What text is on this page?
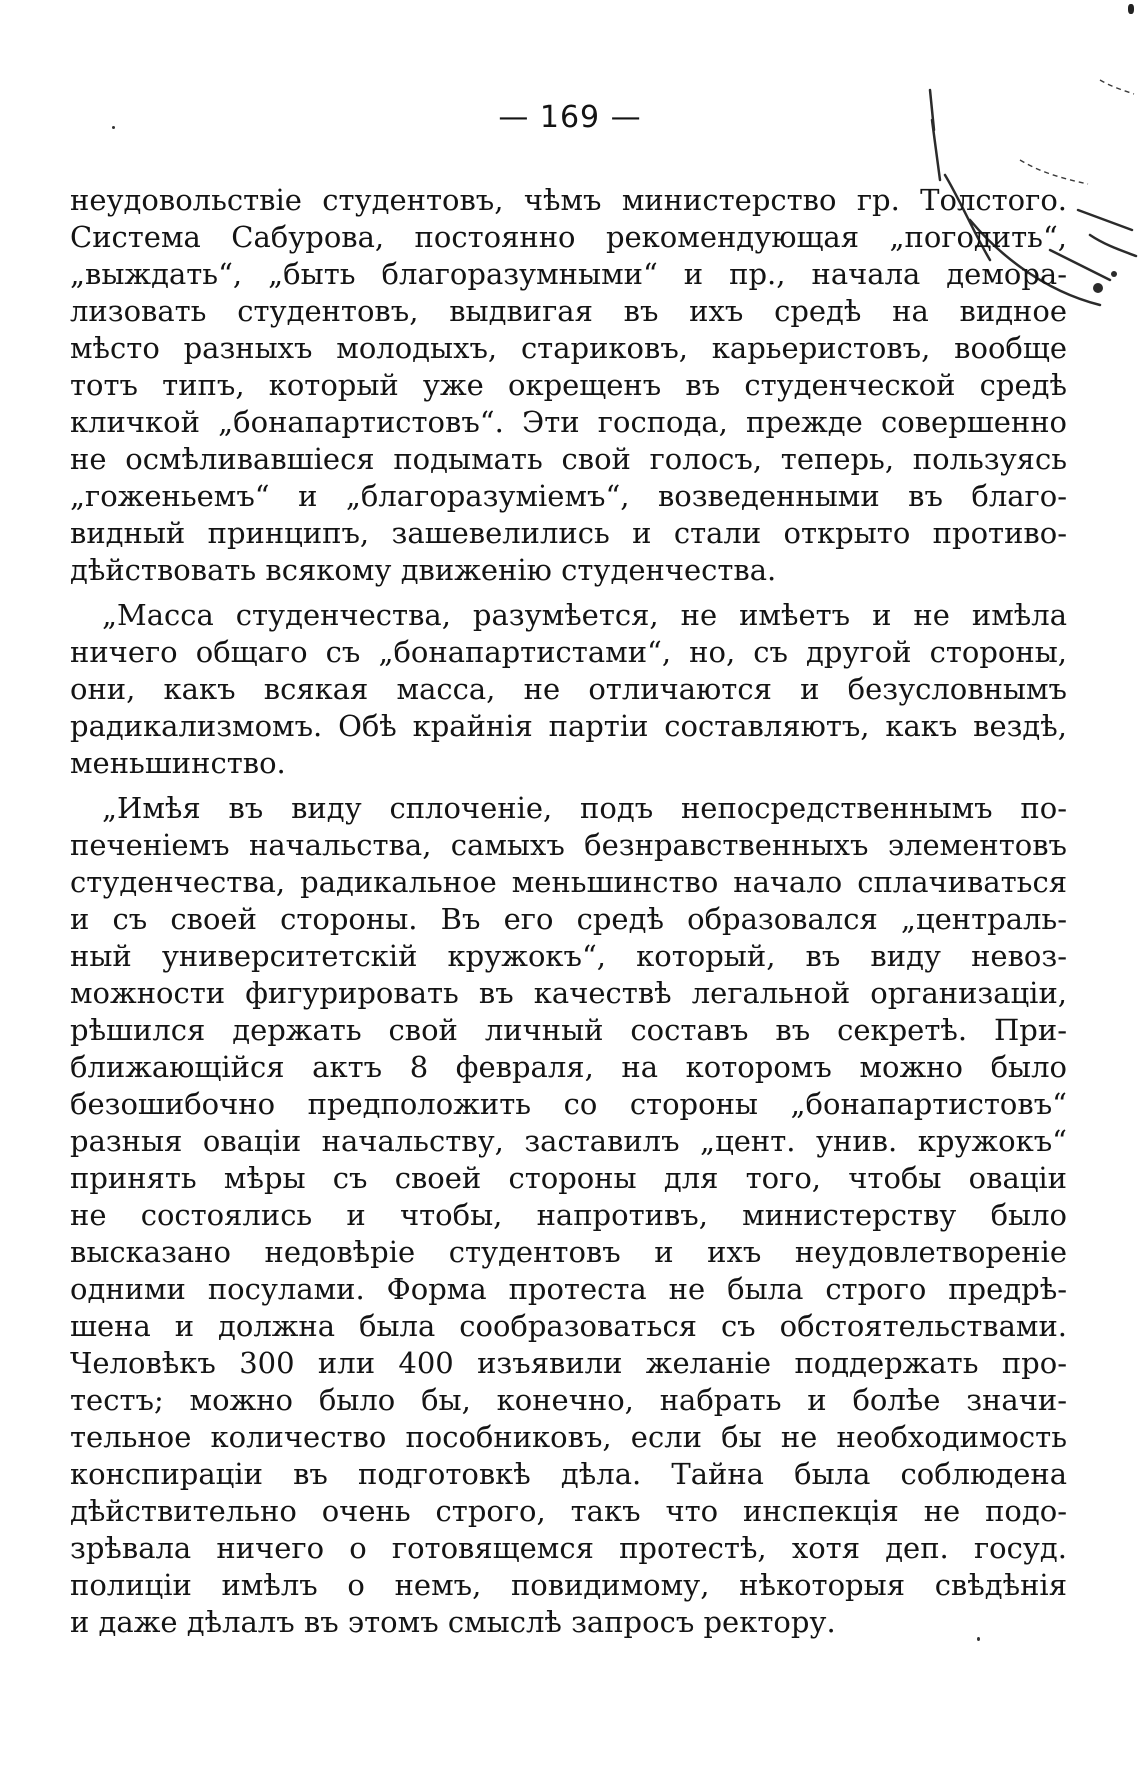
— 169 —
неудовольствіе студентовъ, чѣмъ министерство гр. Толстого.
Система Сабурова, постоянно рекомендующая „погодить“,
„выждать“, „быть благоразумными“ и пр., начала демора-
лизовать студентовъ, выдвигая въ ихъ средѣ на видное
мѣсто разныхъ молодыхъ, стариковъ, карьеристовъ, вообще
тотъ типъ, который уже окрещенъ въ студенческой средѣ
кличкой „бонапартистовъ“. Эти господа, прежде совершенно
не осмѣливавшіеся подымать свой голосъ, теперь, пользуясь
„гоженьемъ“ и „благоразуміемъ“, возведенными въ благо-
видный принципъ, зашевелились и стали открыто противо-
дѣйствовать всякому движенію студенчества.
„Масса студенчества, разумѣется, не имѣетъ и не имѣла
ничего общаго съ „бонапартистами“, но, съ другой стороны,
они, какъ всякая масса, не отличаются и безусловнымъ
радикализмомъ. Обѣ крайнія партіи составляютъ, какъ вездѣ,
меньшинство.
„Имѣя въ виду сплоченіе, подъ непосредственнымъ по-
печеніемъ начальства, самыхъ безнравственныхъ элементовъ
студенчества, радикальное меньшинство начало сплачиваться
и съ своей стороны. Въ его средѣ образовался „централь-
ный университетскій кружокъ“, который, въ виду невоз-
можности фигурировать въ качествѣ легальной организаціи,
рѣшился держать свой личный составъ въ секретѣ. При-
ближающійся актъ 8 февраля, на которомъ можно было
безошибочно предположить со стороны „бонапартистовъ“
разныя оваціи начальству, заставилъ „цент. унив. кружокъ“
принять мѣры съ своей стороны для того, чтобы оваціи
не состоялись и чтобы, напротивъ, министерству было
высказано недовѣріе студентовъ и ихъ неудовлетвореніе
одними посулами. Форма протеста не была строго предрѣ-
шена и должна была сообразоваться съ обстоятельствами.
Человѣкъ 300 или 400 изъявили желаніе поддержать про-
тестъ; можно было бы, конечно, набрать и болѣе значи-
тельное количество пособниковъ, если бы не необходимость
конспираціи въ подготовкѣ дѣла. Тайна была соблюдена
дѣйствительно очень строго, такъ что инспекція не подо-
зрѣвала ничего о готовящемся протестѣ, хотя деп. госуд.
полиціи имѣлъ о немъ, повидимому, нѣкоторыя свѣдѣнія
и даже дѣлалъ въ этомъ смыслѣ запросъ ректору.
